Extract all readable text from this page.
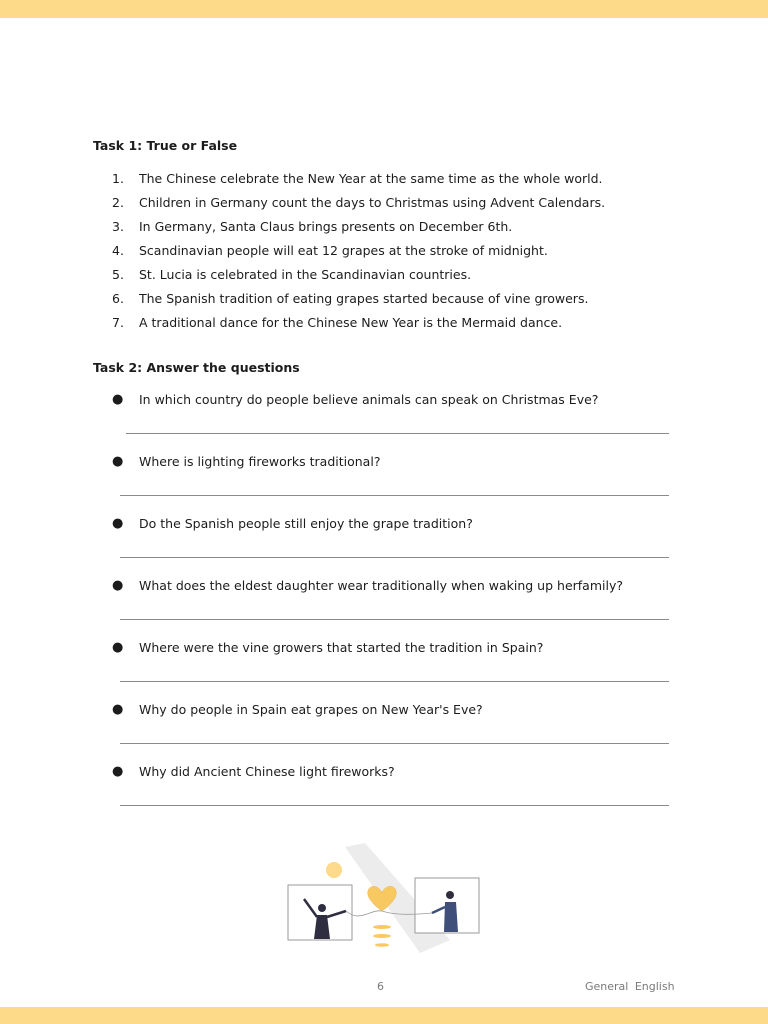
Task 1: True or False
1.	The Chinese celebrate the New Year at the same time as the whole world.
2.	Children in Germany count the days to Christmas using Advent Calendars.
3.	In Germany, Santa Claus brings presents on December 6th.
4.	Scandinavian people will eat 12 grapes at the stroke of midnight.
5.	St. Lucia is celebrated in the Scandinavian countries.
6.	The Spanish tradition of eating grapes started because of vine growers.
7.	A traditional dance for the Chinese New Year is the Mermaid dance.
Task 2: Answer the questions
●	In which country do people believe animals can speak on Christmas Eve?
●	Where is lighting fireworks traditional?
●	Do the Spanish people still enjoy the grape tradition?
●	What does the eldest daughter wear traditionally when waking up herfamily?
●	Where were the vine growers that started the tradition in Spain?
●	Why do people in Spain eat grapes on New Year's Eve?
●	Why did Ancient Chinese light fireworks?
6	General English
